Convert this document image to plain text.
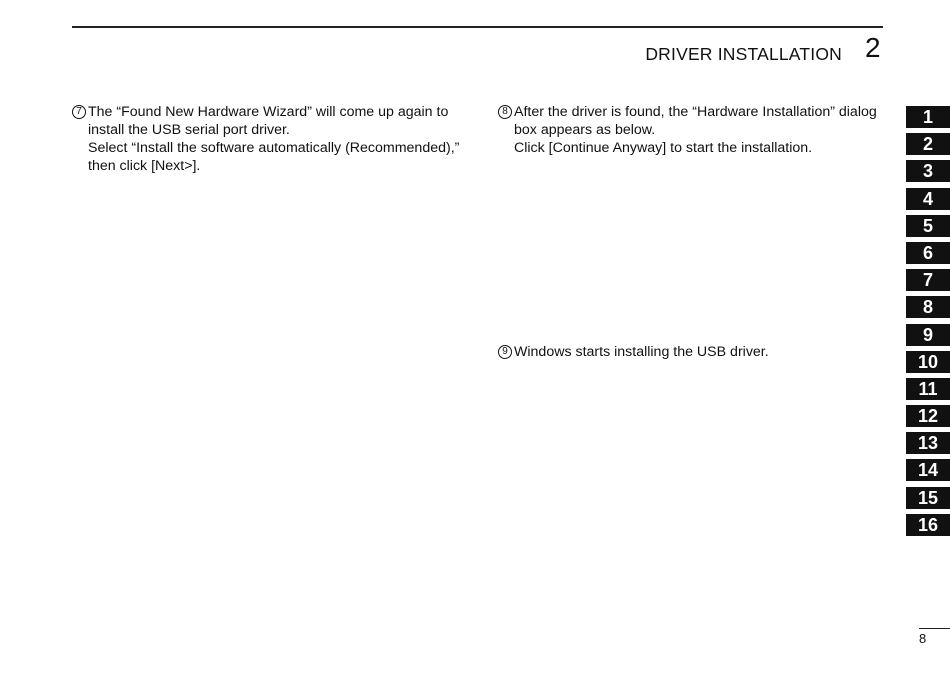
DRIVER INSTALLATION 2
7 The “Found New Hardware Wizard” will come up again to
install the USB serial port driver.
Select “Install the software automatically (Recommended),”
then click [Next>].
8 After the driver is found, the “Hardware Installation” dialog
box appears as below.
Click [Continue Anyway] to start the installation.
9 Windows starts installing the USB driver.
1
2
3
4
5
6
7
8
9
10
11
12
13
14
15
16
8
